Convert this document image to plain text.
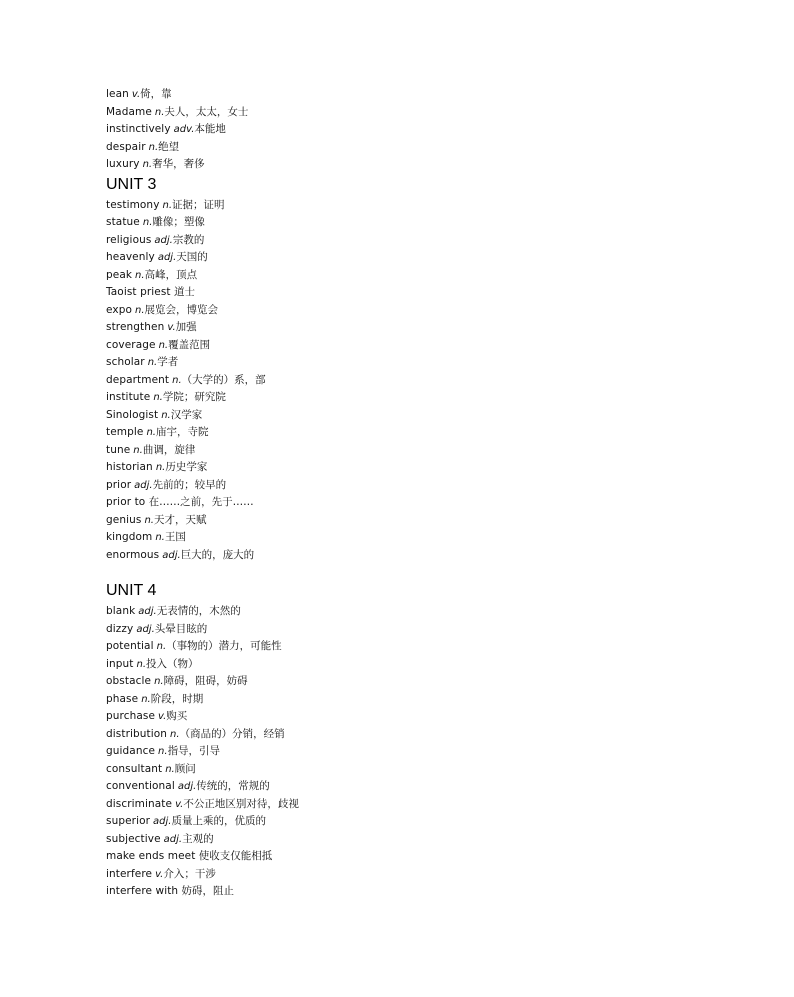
lean v.倚，靠
Madame n.夫人，太太，女士
instinctively adv.本能地
despair n.绝望
luxury n.奢华，奢侈
UNIT 3
testimony n.证据；证明
statue n.雕像；塑像
religious adj.宗教的
heavenly adj.天国的
peak n.高峰，顶点
Taoist priest 道士
expo n.展览会，博览会
strengthen v.加强
coverage n.覆盖范围
scholar n.学者
department n.（大学的）系，部
institute n.学院；研究院
Sinologist n.汉学家
temple n.庙宇，寺院
tune n.曲调，旋律
historian n.历史学家
prior adj.先前的；较早的
prior to 在……之前，先于……
genius n.天才，天赋
kingdom n.王国
enormous adj.巨大的，庞大的
UNIT 4
blank adj.无表情的，木然的
dizzy adj.头晕目眩的
potential n.（事物的）潜力，可能性
input n.投入（物）
obstacle n.障碍，阻碍，妨碍
phase n.阶段，时期
purchase v.购买
distribution n.（商品的）分销，经销
guidance n.指导，引导
consultant n.顾问
conventional adj.传统的，常规的
discriminate v.不公正地区别对待，歧视
superior adj.质量上乘的，优质的
subjective adj.主观的
make ends meet 使收支仅能相抵
interfere v.介入；干涉
interfere with 妨碍，阻止
